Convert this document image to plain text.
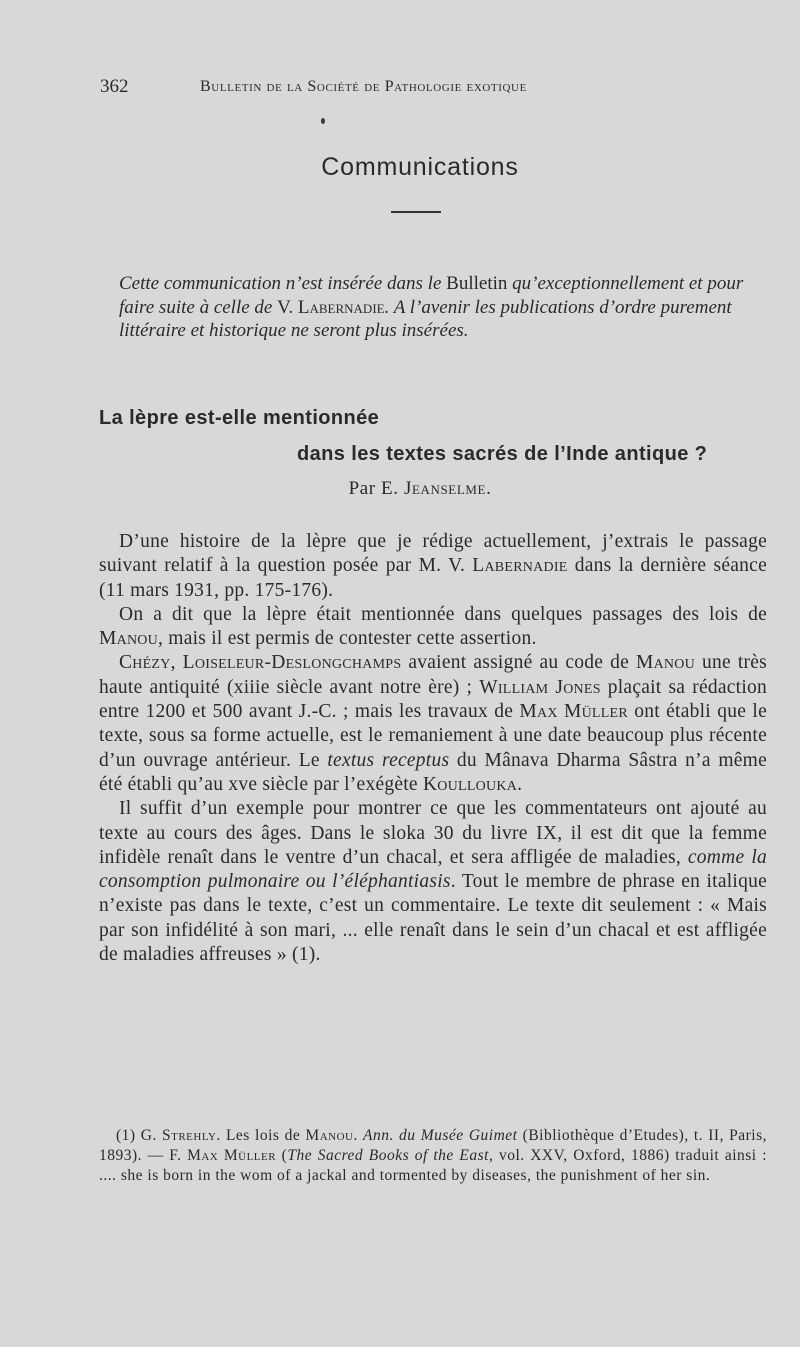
362	Bulletin de la Société de Pathologie exotique
Communications
Cette communication n’est insérée dans le Bulletin qu’exceptionnellement et pour faire suite à celle de V. Labernadie. A l’avenir les publications d’ordre purement littéraire et historique ne seront plus insérées.
La lèpre est-elle mentionnée
dans les textes sacrés de l’Inde antique ?
Par E. Jeanselme.

D’une histoire de la lèpre que je rédige actuellement, j’extrais le passage suivant relatif à la question posée par M. V. Labernadie dans la dernière séance (11 mars 1931, pp. 175-176).

On a dit que la lèpre était mentionnée dans quelques passages des lois de Manou, mais il est permis de contester cette assertion.

Chézy, Loiseleur-Deslongchamps avaient assigné au code de Manou une très haute antiquité (xiiie siècle avant notre ère) ; William Jones plaçait sa rédaction entre 1200 et 500 avant J.-C. ; mais les travaux de Max Müller ont établi que le texte, sous sa forme actuelle, est le remaniement à une date beaucoup plus récente d’un ouvrage antérieur. Le textus receptus du Mânava Dharma Sâstra n’a même été établi qu’au xve siècle par l’exégète Koullouka.

Il suffit d’un exemple pour montrer ce que les commentateurs ont ajouté au texte au cours des âges. Dans le sloka 30 du livre IX, il est dit que la femme infidèle renaît dans le ventre d’un chacal, et sera affligée de maladies, comme la consomption pulmonaire ou l’éléphantiasis. Tout le membre de phrase en italique n’existe pas dans le texte, c’est un commentaire. Le texte dit seulement : « Mais par son infidélité à son mari, ... elle renaît dans le sein d’un chacal et est affligée de maladies affreuses » (1).

(1) G. Strehly. Les lois de Manou. Ann. du Musée Guimet (Bibliothèque d’Etudes), t. II, Paris, 1893). — F. Max Müller (The Sacred Books of the East, vol. XXV, Oxford, 1886) traduit ainsi : .... she is born in the wom of a jackal and tormented by diseases, the punishment of her sin.
